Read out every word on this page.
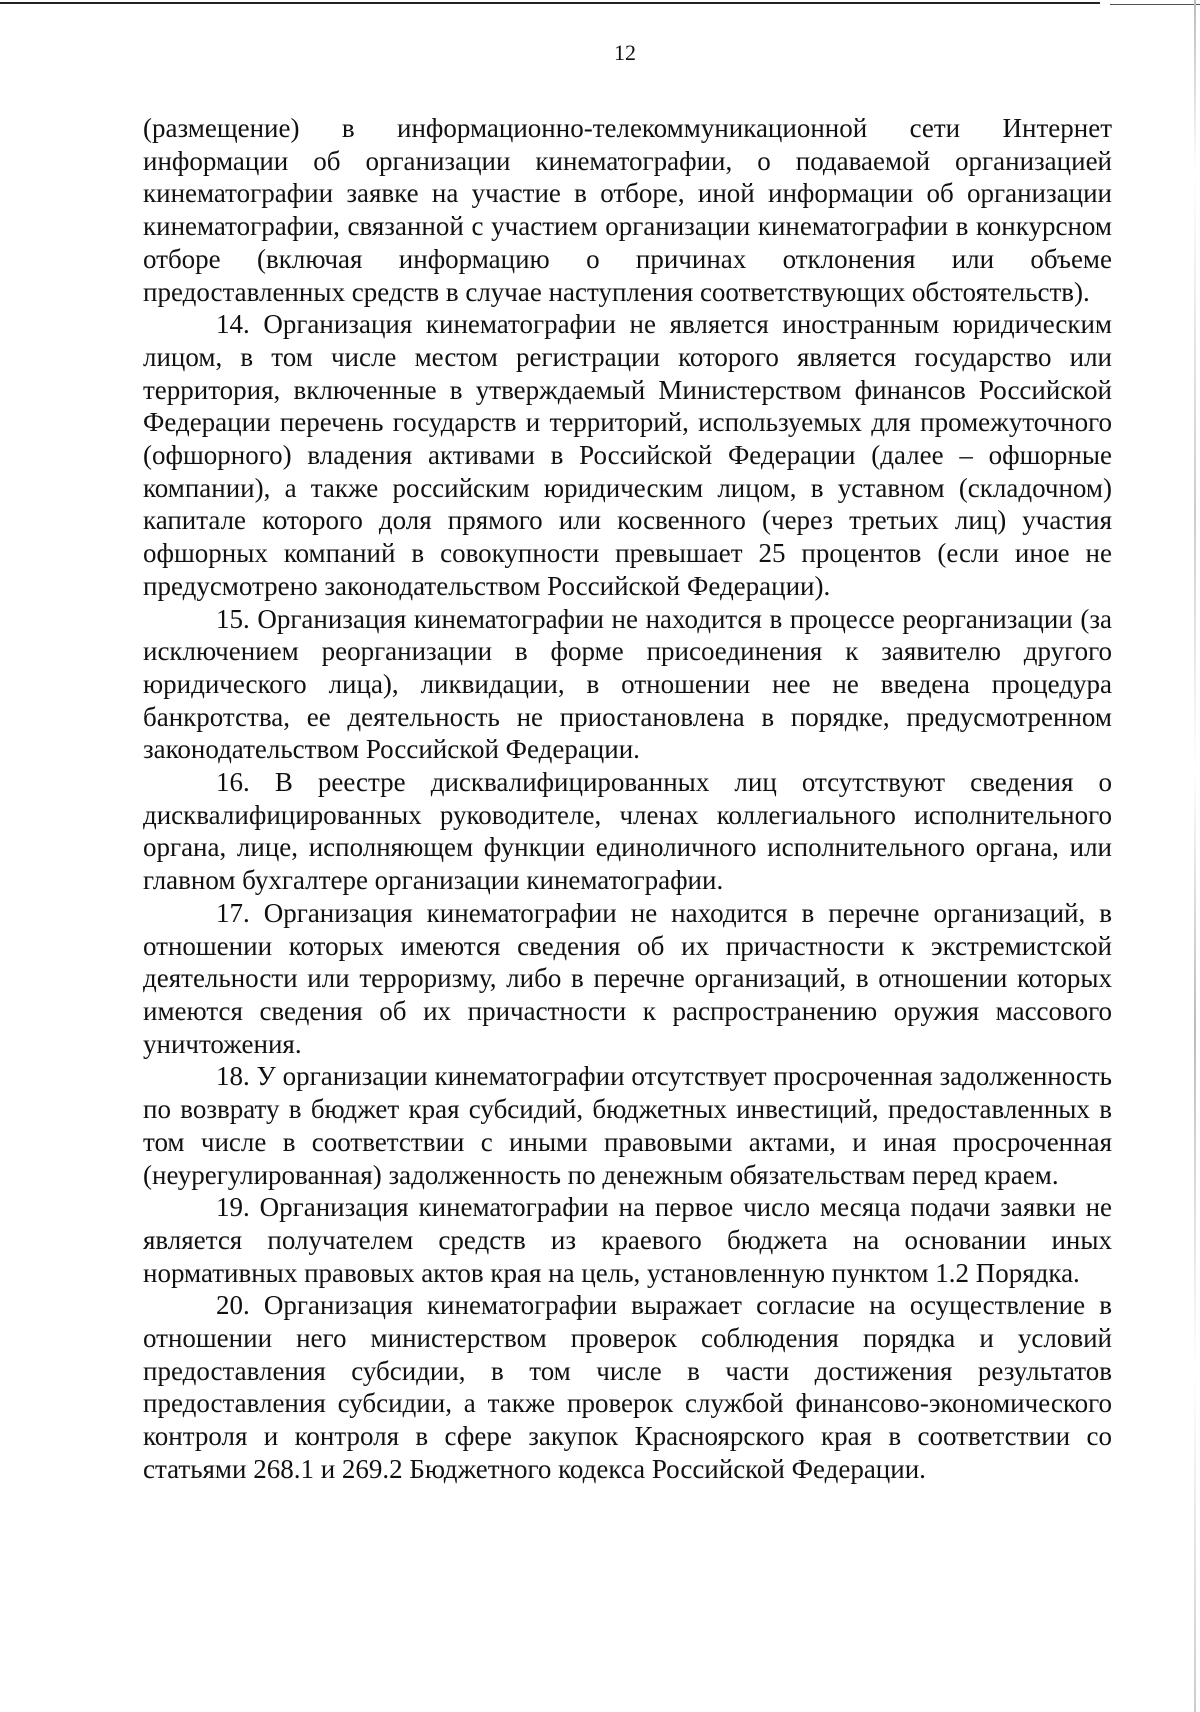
12

(размещение) в информационно-телекоммуникационной сети Интернет информации об организации кинематографии, о подаваемой организацией кинематографии заявке на участие в отборе, иной информации об организации кинематографии, связанной с участием организации кинематографии в конкурсном отборе (включая информацию о причинах отклонения или объеме предоставленных средств в случае наступления соответствующих обстоятельств).

14. Организация кинематографии не является иностранным юридическим лицом, в том числе местом регистрации которого является государство или территория, включенные в утверждаемый Министерством финансов Российской Федерации перечень государств и территорий, используемых для промежуточного (офшорного) владения активами в Российской Федерации (далее – офшорные компании), а также российским юридическим лицом, в уставном (складочном) капитале которого доля прямого или косвенного (через третьих лиц) участия офшорных компаний в совокупности превышает 25 процентов (если иное не предусмотрено законодательством Российской Федерации).

15. Организация кинематографии не находится в процессе реорганизации (за исключением реорганизации в форме присоединения к заявителю другого юридического лица), ликвидации, в отношении нее не введена процедура банкротства, ее деятельность не приостановлена в порядке, предусмотренном законодательством Российской Федерации.

16. В реестре дисквалифицированных лиц отсутствуют сведения о дисквалифицированных руководителе, членах коллегиального исполнительного органа, лице, исполняющем функции единоличного исполнительного органа, или главном бухгалтере организации кинематографии.

17. Организация кинематографии не находится в перечне организаций, в отношении которых имеются сведения об их причастности к экстремистской деятельности или терроризму, либо в перечне организаций, в отношении которых имеются сведения об их причастности к распространению оружия массового уничтожения.

18. У организации кинематографии отсутствует просроченная задолженность по возврату в бюджет края субсидий, бюджетных инвестиций, предоставленных в том числе в соответствии с иными правовыми актами, и иная просроченная (неурегулированная) задолженность по денежным обязательствам перед краем.

19. Организация кинематографии на первое число месяца подачи заявки не является получателем средств из краевого бюджета на основании иных нормативных правовых актов края на цель, установленную пунктом 1.2 Порядка.

20. Организация кинематографии выражает согласие на осуществление в отношении него министерством проверок соблюдения порядка и условий предоставления субсидии, в том числе в части достижения результатов предоставления субсидии, а также проверок службой финансово-экономического контроля и контроля в сфере закупок Красноярского края в соответствии со статьями 268.1 и 269.2 Бюджетного кодекса Российской Федерации.
